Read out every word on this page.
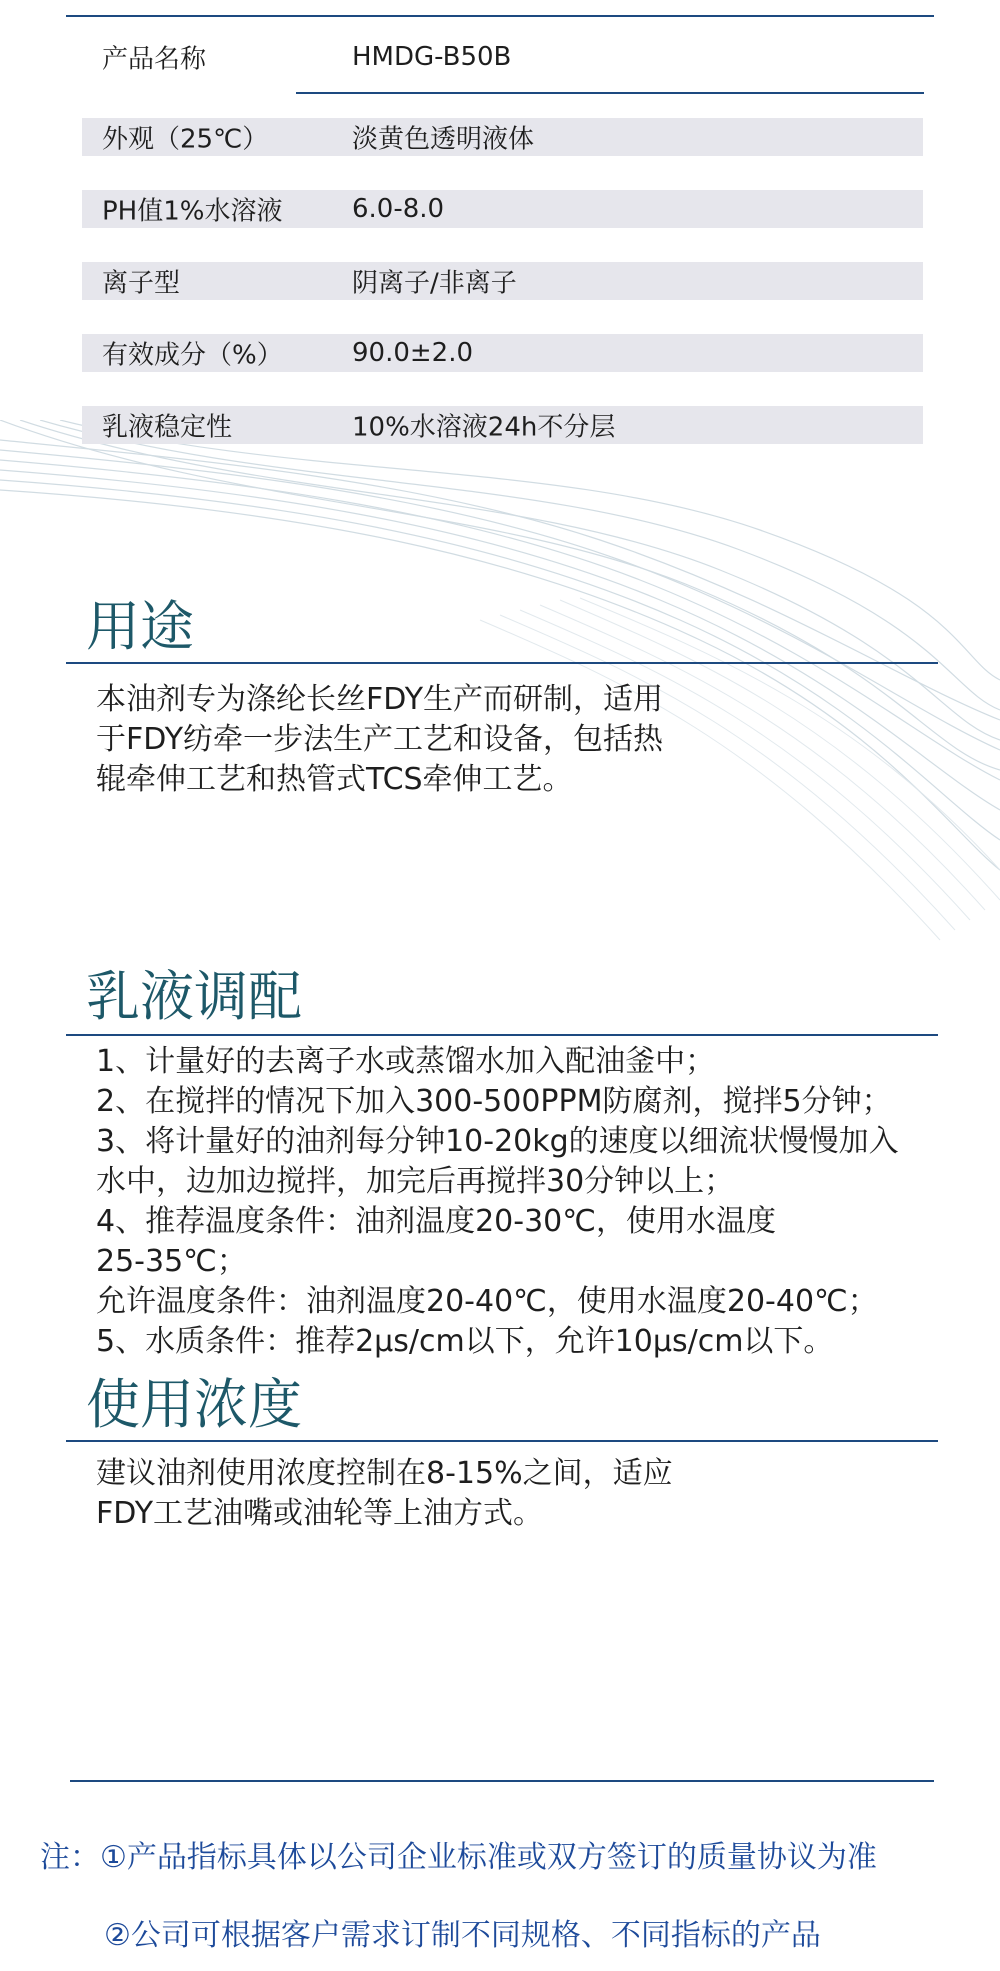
产品名称	HMDG-B50B
外观（25℃）	淡黄色透明液体
PH值1%水溶液	6.0-8.0
离子型	阴离子/非离子
有效成分（%）	90.0±2.0
乳液稳定性	10%水溶液24h不分层
用途
本油剂专为涤纶长丝FDY生产而研制，适用
于FDY纺牵一步法生产工艺和设备，包括热
辊牵伸工艺和热管式TCS牵伸工艺。
乳液调配
1、计量好的去离子水或蒸馏水加入配油釜中；
2、在搅拌的情况下加入300-500PPM防腐剂，搅拌5分钟；
3、将计量好的油剂每分钟10-20kg的速度以细流状慢慢加入
水中，边加边搅拌，加完后再搅拌30分钟以上；
4、推荐温度条件：油剂温度20-30℃，使用水温度
25-35℃；
允许温度条件：油剂温度20-40℃，使用水温度20-40℃；
5、水质条件：推荐2μs/cm以下，允许10μs/cm以下。
使用浓度
建议油剂使用浓度控制在8-15%之间，适应
FDY工艺油嘴或油轮等上油方式。
注：①产品指标具体以公司企业标准或双方签订的质量协议为准
②公司可根据客户需求订制不同规格、不同指标的产品
